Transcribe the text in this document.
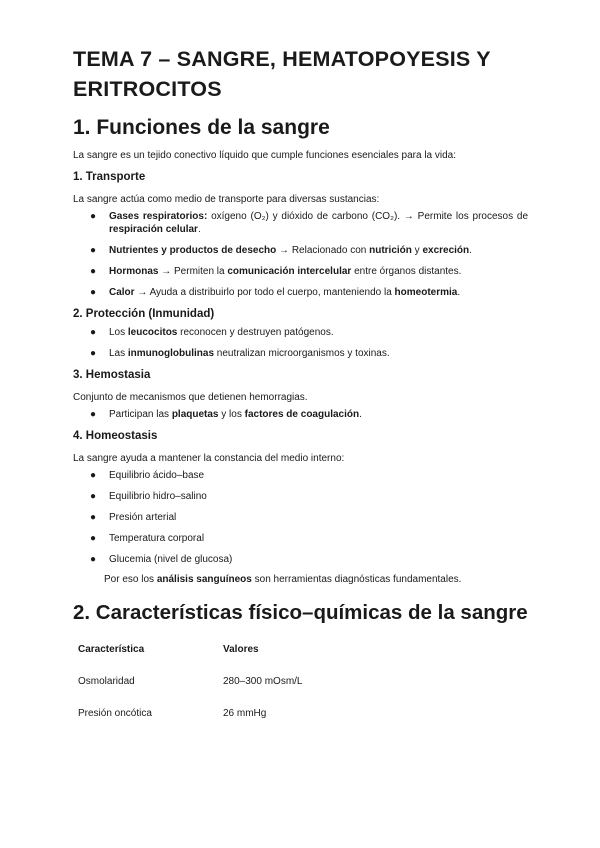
TEMA 7 – SANGRE, HEMATOPOYESIS Y ERITROCITOS
1. Funciones de la sangre

La sangre es un tejido conectivo líquido que cumple funciones esenciales para la vida:

1. Transporte

La sangre actúa como medio de transporte para diversas sustancias:

● Gases respiratorios: oxígeno (O₂) y dióxido de carbono (CO₂). → Permite los procesos de respiración celular.
● Nutrientes y productos de desecho → Relacionado con nutrición y excreción.
● Hormonas → Permiten la comunicación intercelular entre órganos distantes.
● Calor → Ayuda a distribuirlo por todo el cuerpo, manteniendo la homeotermia.
2. Protección (Inmunidad)
● Los leucocitos reconocen y destruyen patógenos.
● Las inmunoglobulinas neutralizan microorganismos y toxinas.
3. Hemostasia

Conjunto de mecanismos que detienen hemorragias.

● Participan las plaquetas y los factores de coagulación.
4. Homeostasis

La sangre ayuda a mantener la constancia del medio interno:

● Equilibrio ácido–base
● Equilibrio hidro–salino
● Presión arterial
● Temperatura corporal
● Glucemia (nivel de glucosa)

Por eso los análisis sanguíneos son herramientas diagnósticas fundamentales.

2. Características físico–químicas de la sangre
Característica	Valores

Osmolaridad	280–300 mOsm/L

Presión oncótica	26 mmHg
